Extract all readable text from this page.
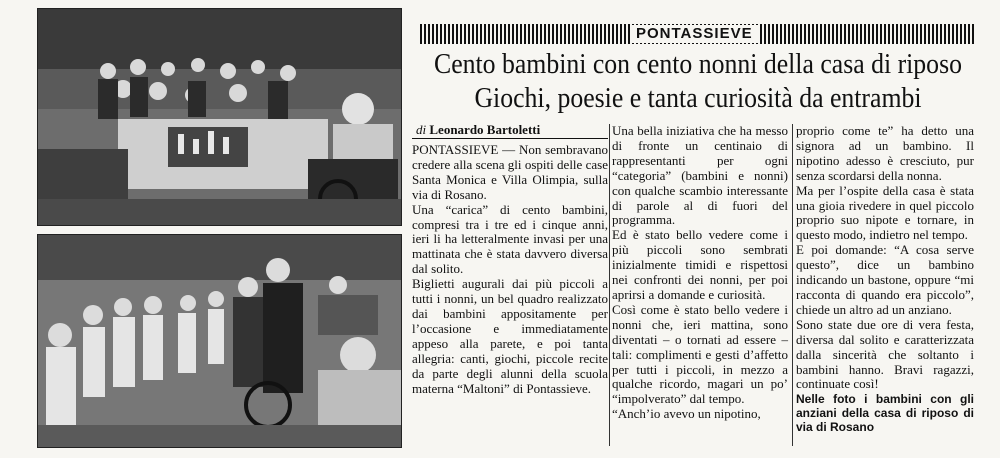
PONTASSIEVE
Cento bambini con cento nonni della casa di riposo
Giochi, poesie e tanta curiosità da entrambi
di Leonardo Bartoletti

PONTASSIEVE — Non sembravano credere alla scena gli ospiti delle case Santa Monica e Villa Olimpia, sulla via di Rosano.

Una “carica” di cento bambini, compresi tra i tre ed i cinque anni, ieri li ha letteralmente invasi per una mattinata che è stata davvero diversa dal solito.

Biglietti augurali dai più piccoli a tutti i nonni, un bel quadro realizzato dai bambini appositamente per l’occasione e immediatamente appeso alla parete, e poi tanta allegria: canti, giochi, piccole recite da parte degli alunni della scuola materna “Maltoni” di Pontassieve.

Una bella iniziativa che ha messo di fronte un centinaio di rappresentanti per ogni “categoria” (bambini e nonni) con qualche scambio interessante di parole al di fuori del programma.

Ed è stato bello vedere come i più piccoli sono sembrati inizialmente timidi e rispettosi nei confronti dei nonni, per poi aprirsi a domande e curiosità.

Così come è stato bello vedere i nonni che, ieri mattina, sono diventati – o tornati ad essere – tali: complimenti e gesti d’affetto per tutti i piccoli, in mezzo a qualche ricordo, magari un po’ “impolverato” dal tempo.

“Anch’io avevo un nipotino,

proprio come te” ha detto una signora ad un bambino. Il nipotino adesso è cresciuto, pur senza scordarsi della nonna.

Ma per l’ospite della casa è stata una gioia rivedere in quel piccolo proprio suo nipote e tornare, in questo modo, indietro nel tempo.

E poi domande: “A cosa serve questo”, dice un bambino indicando un bastone, oppure “mi racconta di quando era piccolo”, chiede un altro ad un anziano.

Sono state due ore di vera festa, diversa dal solito e caratterizzata dalla sincerità che soltanto i bambini hanno. Bravi ragazzi, continuate così!

Nelle foto i bambini con gli anziani della casa di riposo di via di Rosano
